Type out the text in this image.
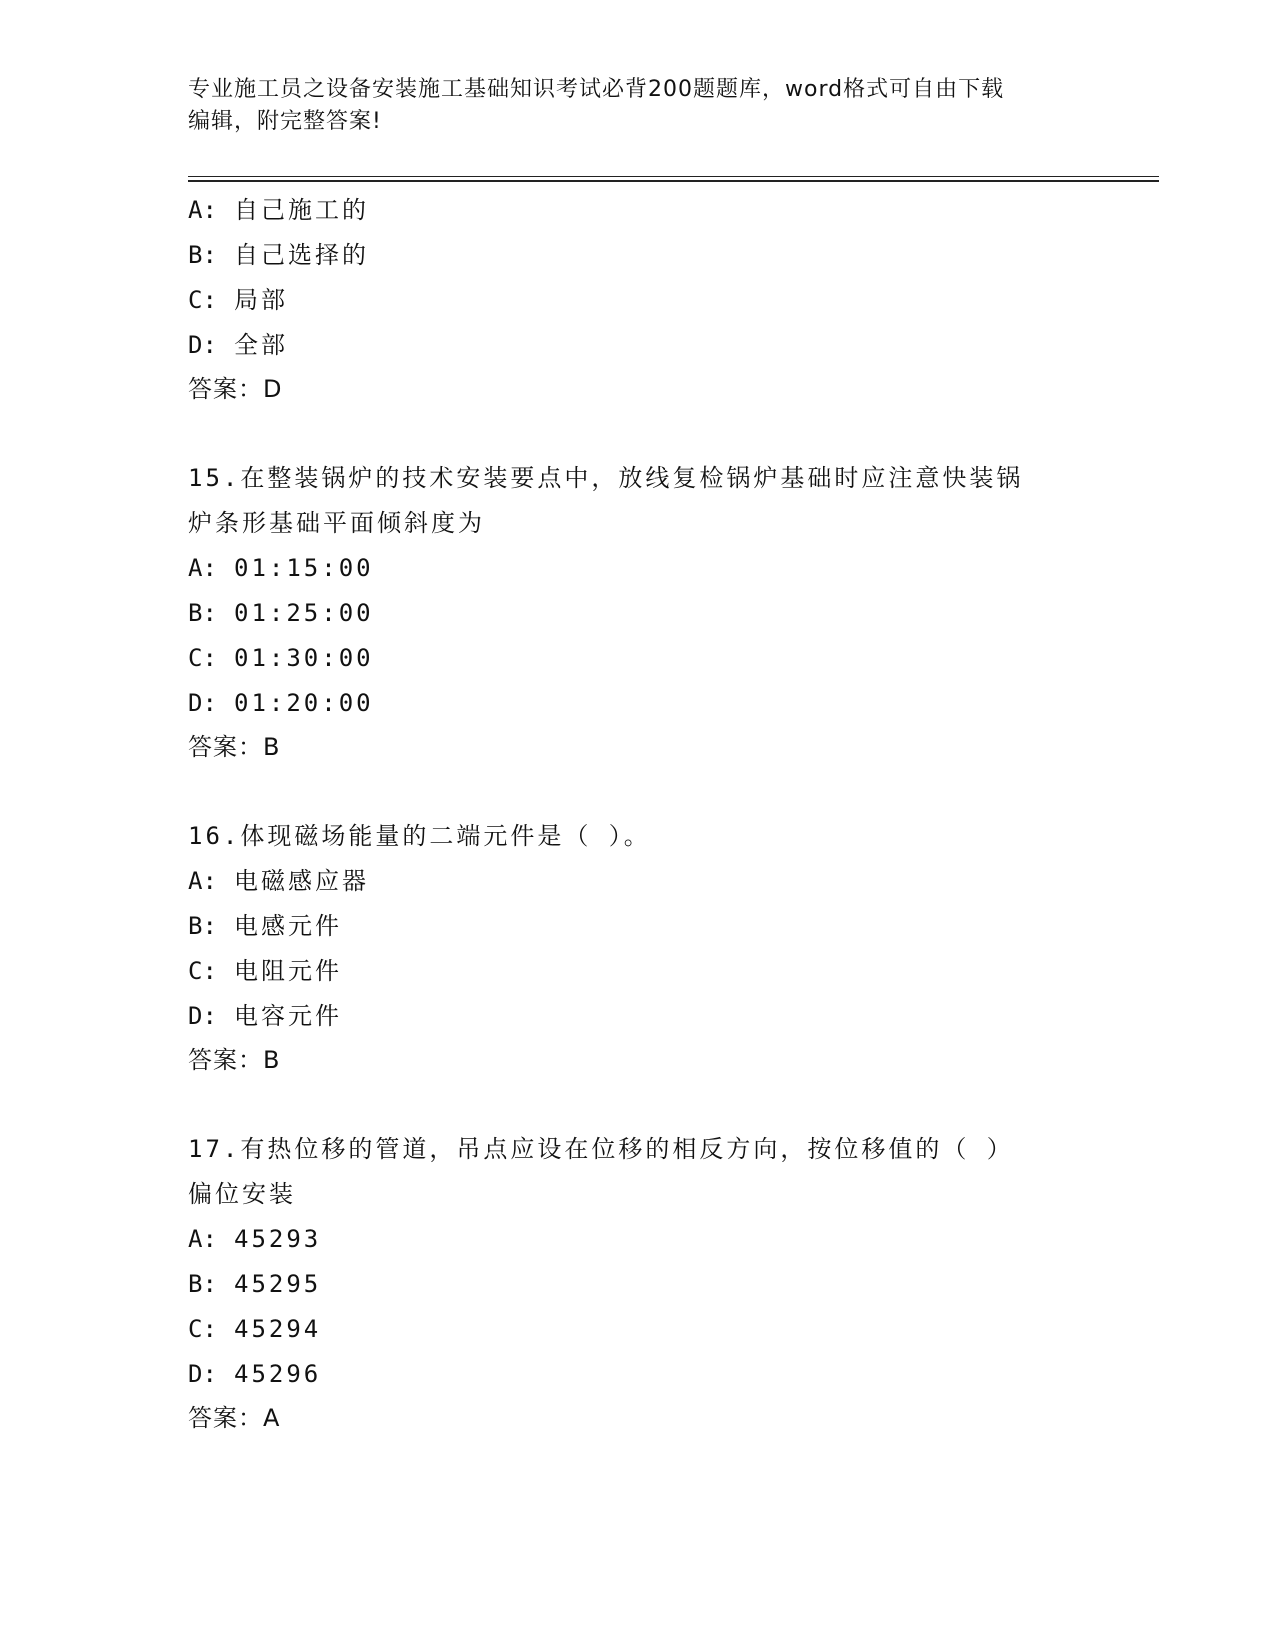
专业施工员之设备安装施工基础知识考试必背200题题库，word格式可自由下载
编辑，附完整答案!
A: 自己施工的
B: 自己选择的
C: 局部
D: 全部
答案：D
15.在整装锅炉的技术安装要点中，放线复检锅炉基础时应注意快装锅
炉条形基础平面倾斜度为
A: 01:15:00
B: 01:25:00
C: 01:30:00
D: 01:20:00
答案：B
16.体现磁场能量的二端元件是（ ）。
A: 电磁感应器
B: 电感元件
C: 电阻元件
D: 电容元件
答案：B
17.有热位移的管道，吊点应设在位移的相反方向，按位移值的（ ）
偏位安装
A: 45293
B: 45295
C: 45294
D: 45296
答案：A
